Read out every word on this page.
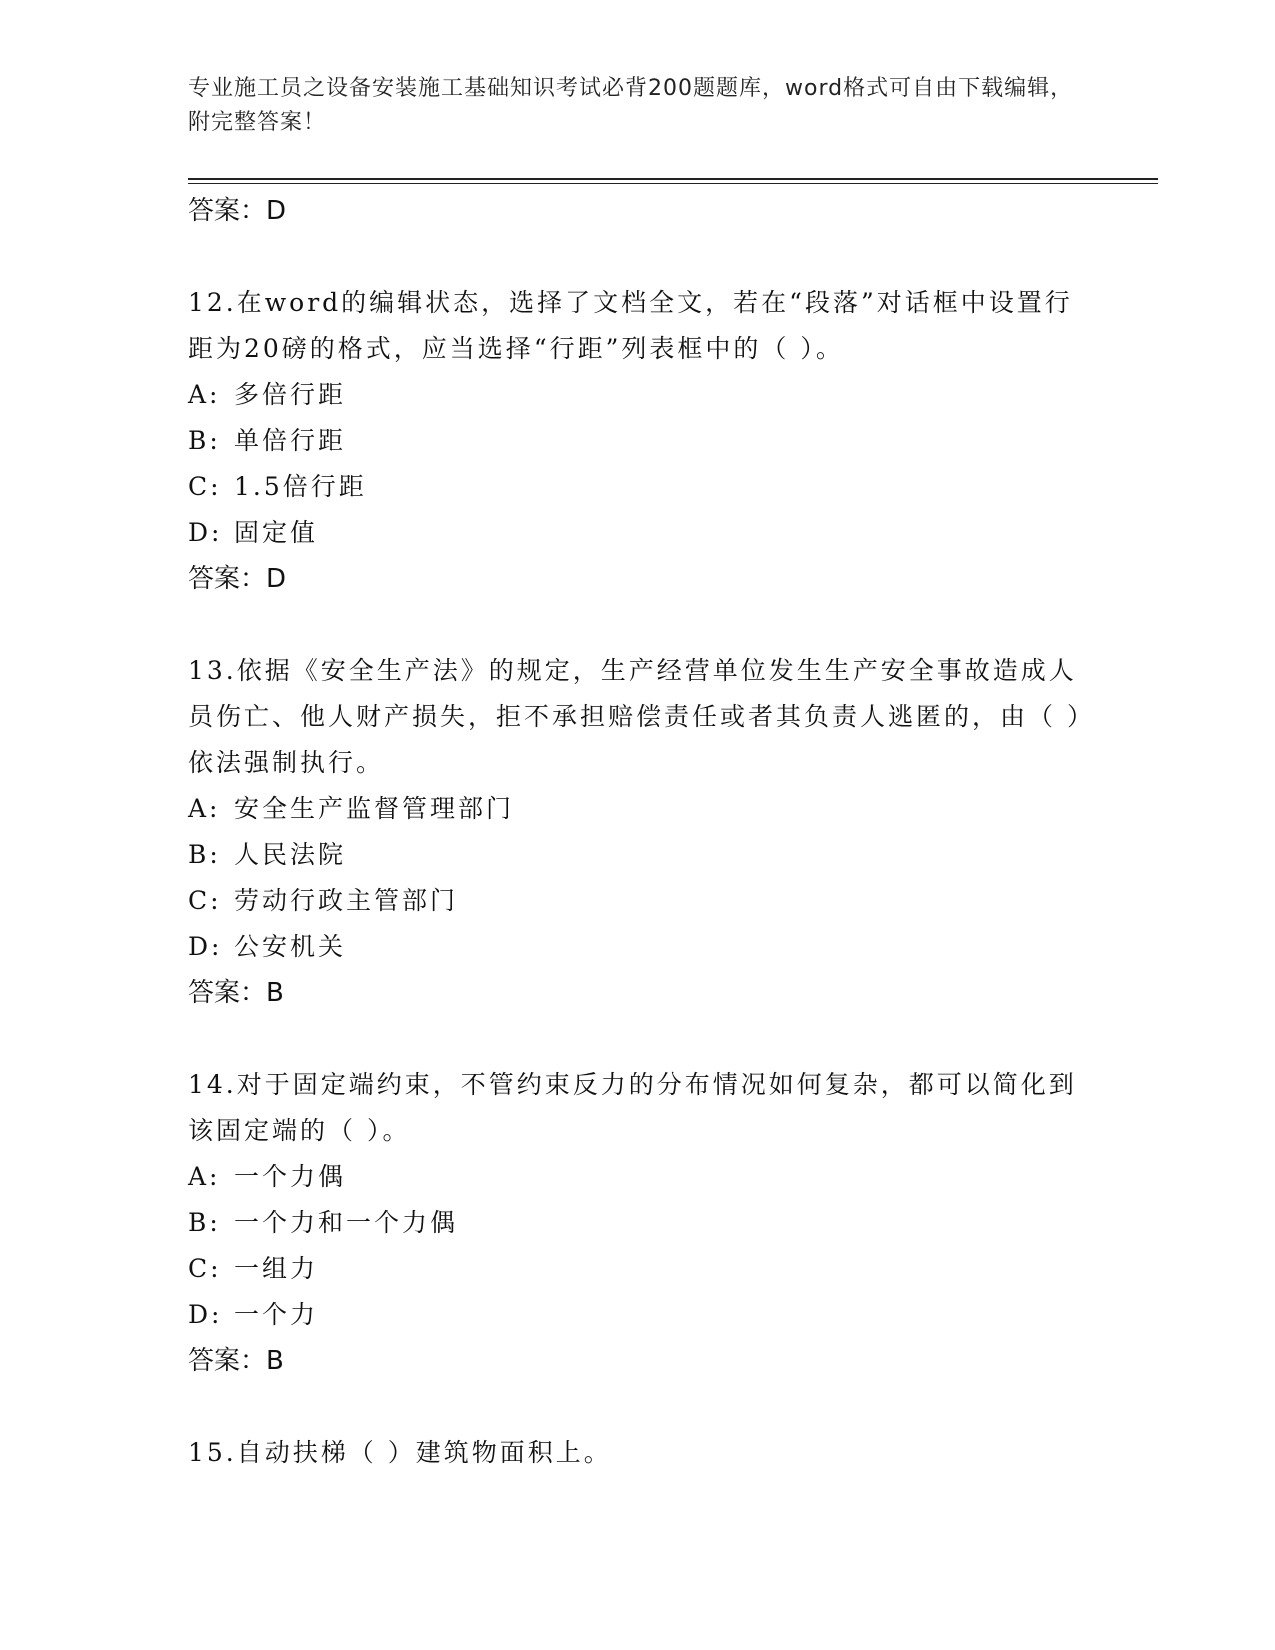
专业施工员之设备安装施工基础知识考试必背200题题库，word格式可自由下载编辑，附完整答案！

答案：D

12.在word的编辑状态，选择了文档全文，若在“段落”对话框中设置行距为20磅的格式，应当选择“行距”列表框中的（ ）。

A: 多倍行距

B: 单倍行距

C: 1.5倍行距

D: 固定值

答案：D

13.依据《安全生产法》的规定，生产经营单位发生生产安全事故造成人员伤亡、他人财产损失，拒不承担赔偿责任或者其负责人逃匿的，由（ ）依法强制执行。

A: 安全生产监督管理部门

B: 人民法院

C: 劳动行政主管部门

D: 公安机关

答案：B

14.对于固定端约束，不管约束反力的分布情况如何复杂，都可以简化到该固定端的（ ）。

A: 一个力偶

B: 一个力和一个力偶

C: 一组力

D: 一个力

答案：B

15.自动扶梯（ ）建筑物面积上。
